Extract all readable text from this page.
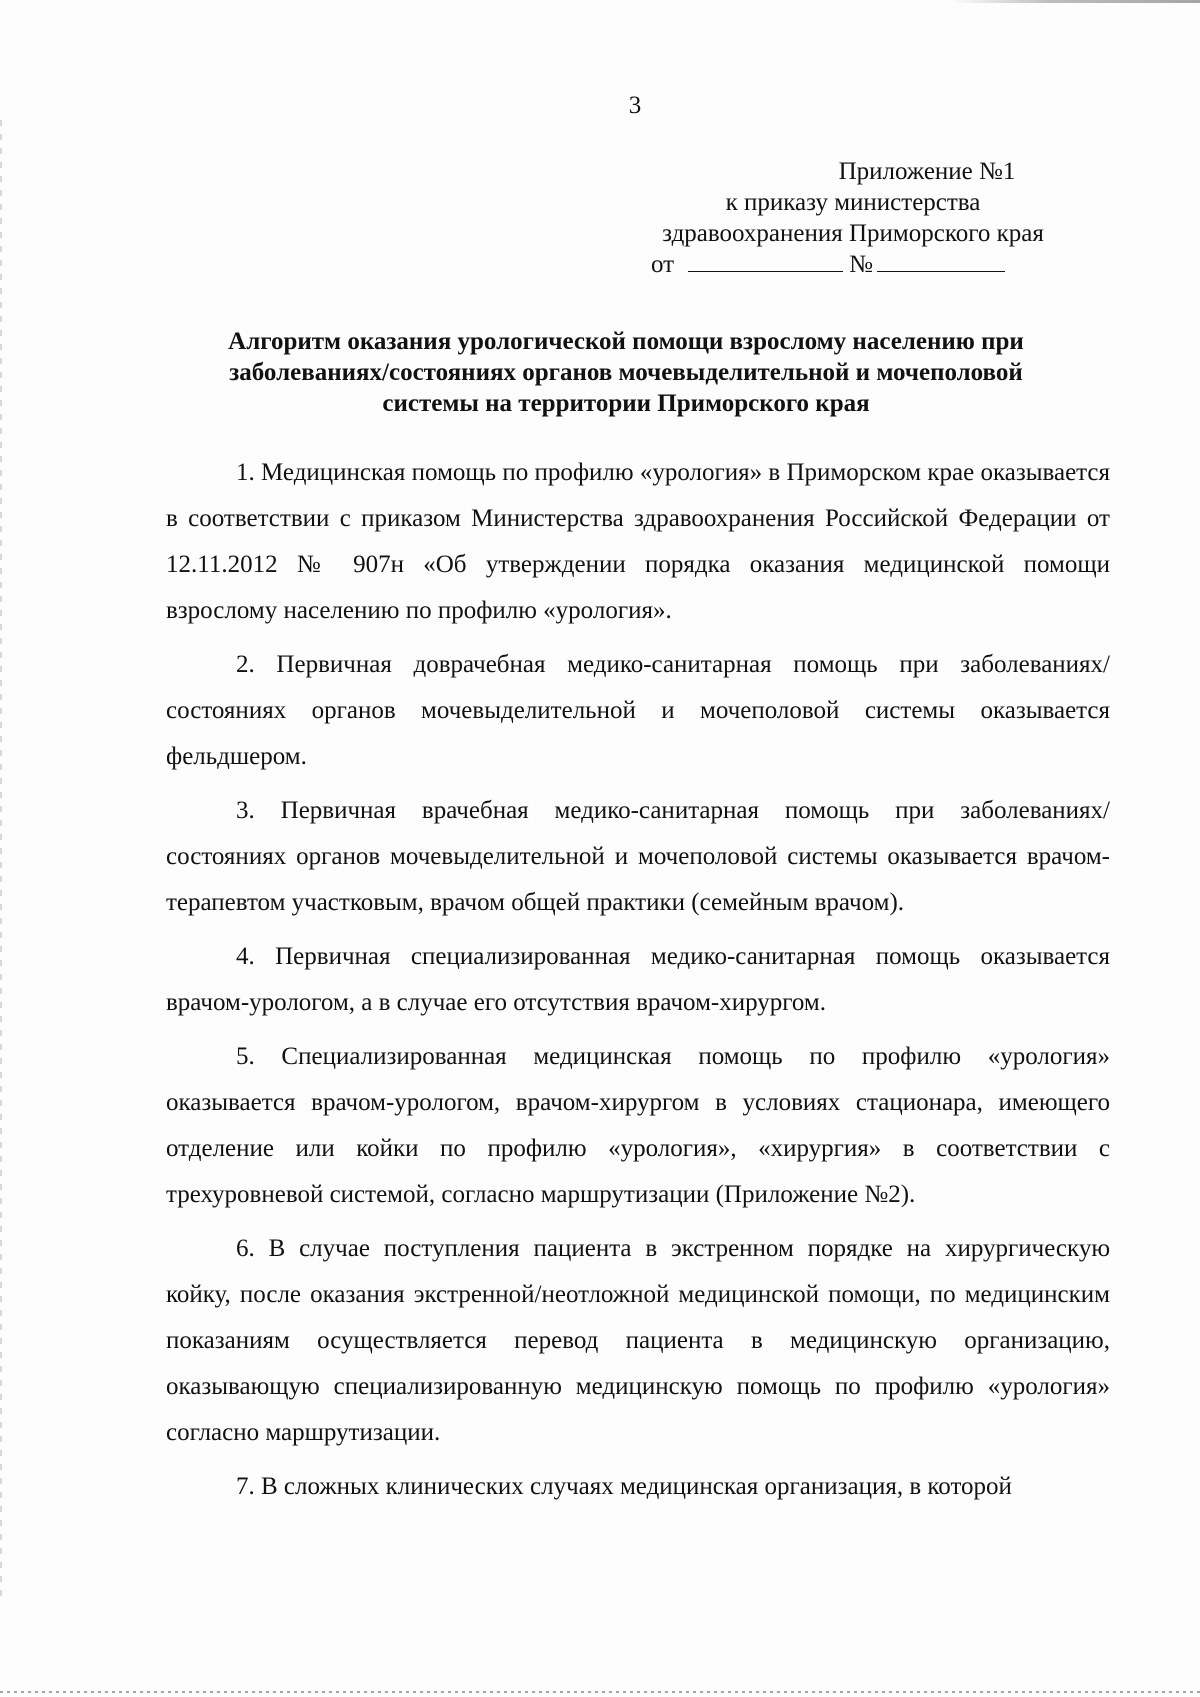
3
Приложение №1
к приказу министерства
здравоохранения Приморского края
от	№
Алгоритм оказания урологической помощи взрослому населению при
заболеваниях/состояниях органов мочевыделительной и мочеполовой
системы на территории Приморского края

1. Медицинская помощь по профилю «урология» в Приморском крае оказывается в соответствии с приказом Министерства здравоохранения Российской Федерации от 12.11.2012 № 907н «Об утверждении порядка оказания медицинской помощи взрослому населению по профилю «урология».

2. Первичная доврачебная медико-санитарная помощь при заболеваниях/состояниях органов мочевыделительной и мочеполовой системы оказывается фельдшером.

3. Первичная врачебная медико-санитарная помощь при заболеваниях/состояниях органов мочевыделительной и мочеполовой системы оказывается врачом-терапевтом участковым, врачом общей практики (семейным врачом).

4. Первичная специализированная медико-санитарная помощь оказывается врачом-урологом, а в случае его отсутствия врачом-хирургом.

5. Специализированная медицинская помощь по профилю «урология» оказывается врачом-урологом, врачом-хирургом в условиях стационара, имеющего отделение или койки по профилю «урология», «хирургия» в соответствии с трехуровневой системой, согласно маршрутизации (Приложение №2).

6. В случае поступления пациента в экстренном порядке на хирургическую койку, после оказания экстренной/неотложной медицинской помощи, по медицинским показаниям осуществляется перевод пациента в медицинскую организацию, оказывающую специализированную медицинскую помощь по профилю «урология» согласно маршрутизации.

7. В сложных клинических случаях медицинская организация, в которой
